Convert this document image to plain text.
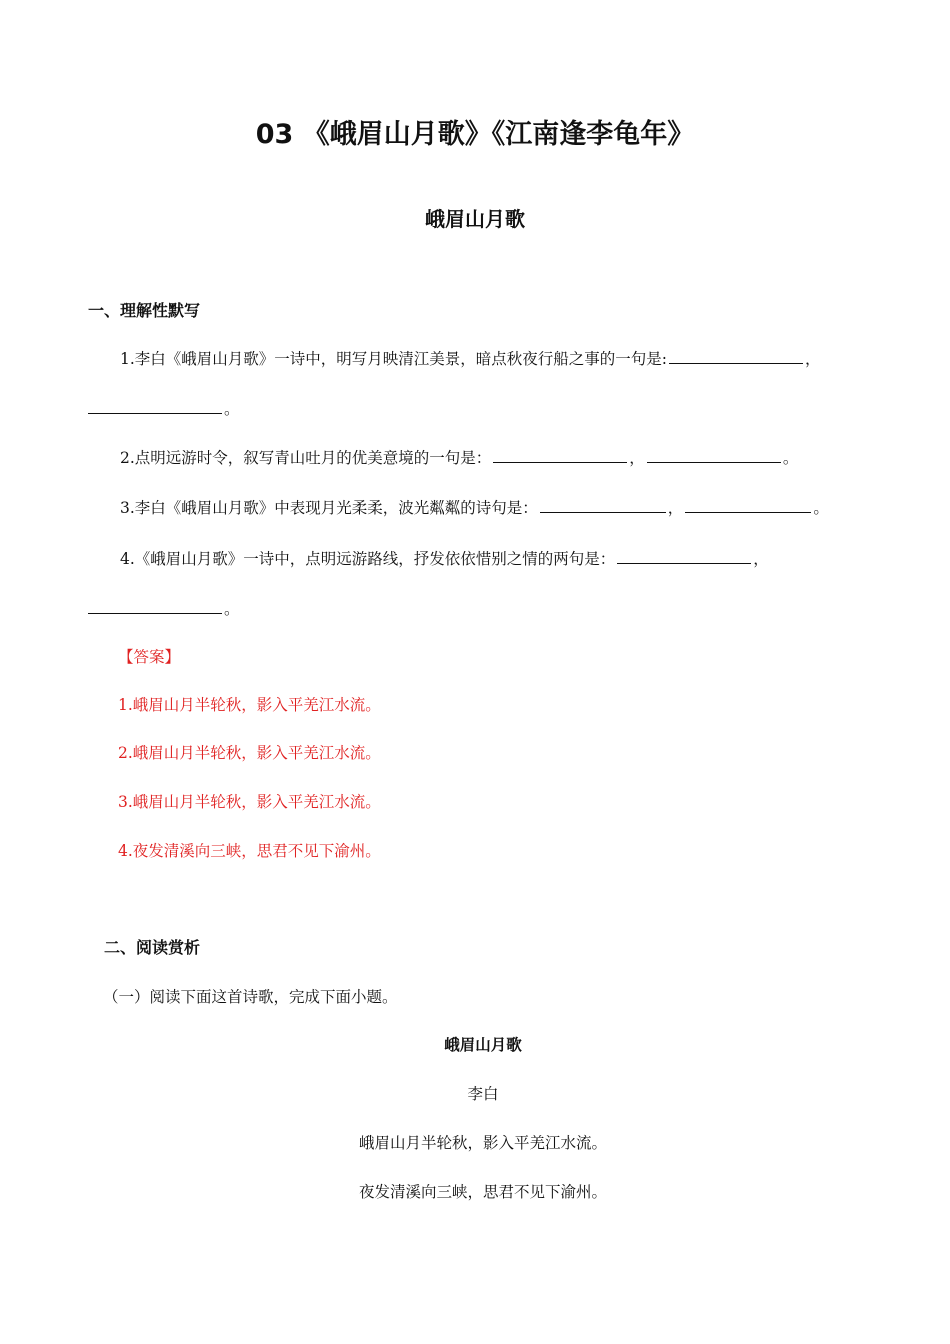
03 《峨眉山月歌》《江南逢李龟年》
峨眉山月歌
一、理解性默写
1.李白《峨眉山月歌》一诗中，明写月映清江美景，暗点秋夜行船之事的一句是:	，
。
2.点明远游时令，叙写青山吐月的优美意境的一句是：	，	。
3.李白《峨眉山月歌》中表现月光柔柔，波光粼粼的诗句是：	，	。
4.《峨眉山月歌》一诗中，点明远游路线，抒发依依惜别之情的两句是：	，
。
【答案】
1.峨眉山月半轮秋，影入平羌江水流。
2.峨眉山月半轮秋，影入平羌江水流。
3.峨眉山月半轮秋，影入平羌江水流。
4.夜发清溪向三峡，思君不见下渝州。
二、阅读赏析
（一）阅读下面这首诗歌，完成下面小题。
峨眉山月歌
李白
峨眉山月半轮秋，影入平羌江水流。
夜发清溪向三峡，思君不见下渝州。
